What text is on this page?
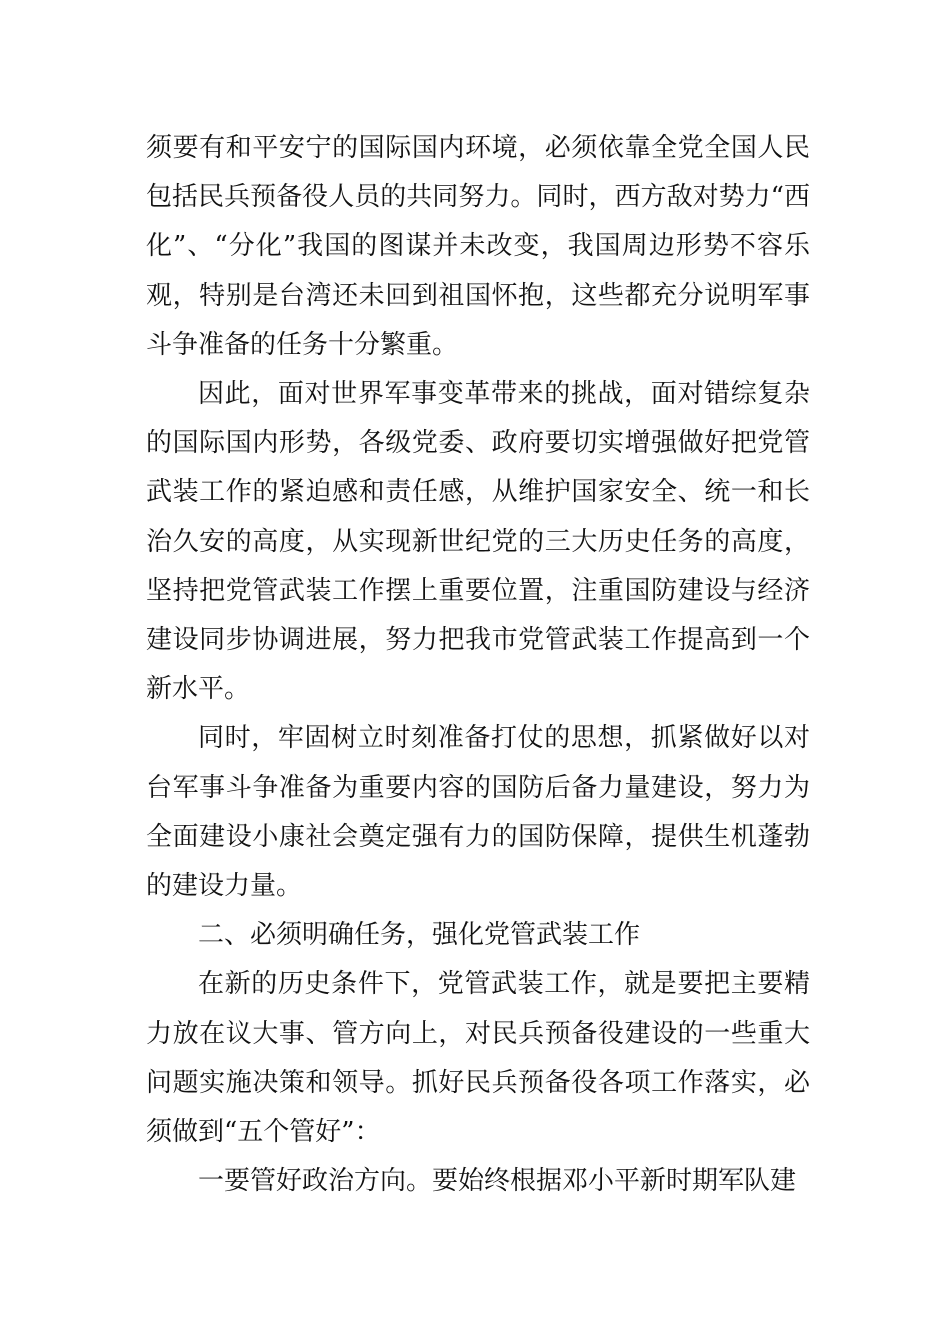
须要有和平安宁的国际国内环境，必须依靠全党全国人民包括民兵预备役人员的共同努力。同时，西方敌对势力“西化”、“分化”我国的图谋并未改变，我国周边形势不容乐观，特别是台湾还未回到祖国怀抱，这些都充分说明军事斗争准备的任务十分繁重。

因此，面对世界军事变革带来的挑战，面对错综复杂的国际国内形势，各级党委、政府要切实增强做好把党管武装工作的紧迫感和责任感，从维护国家安全、统一和长治久安的高度，从实现新世纪党的三大历史任务的高度，坚持把党管武装工作摆上重要位置，注重国防建设与经济建设同步协调进展，努力把我市党管武装工作提高到一个新水平。

同时，牢固树立时刻准备打仗的思想，抓紧做好以对台军事斗争准备为重要内容的国防后备力量建设，努力为全面建设小康社会奠定强有力的国防保障，提供生机蓬勃的建设力量。

二、必须明确任务，强化党管武装工作

在新的历史条件下，党管武装工作，就是要把主要精力放在议大事、管方向上，对民兵预备役建设的一些重大问题实施决策和领导。抓好民兵预备役各项工作落实，必须做到“五个管好”：

一要管好政治方向。要始终根据邓小平新时期军队建
